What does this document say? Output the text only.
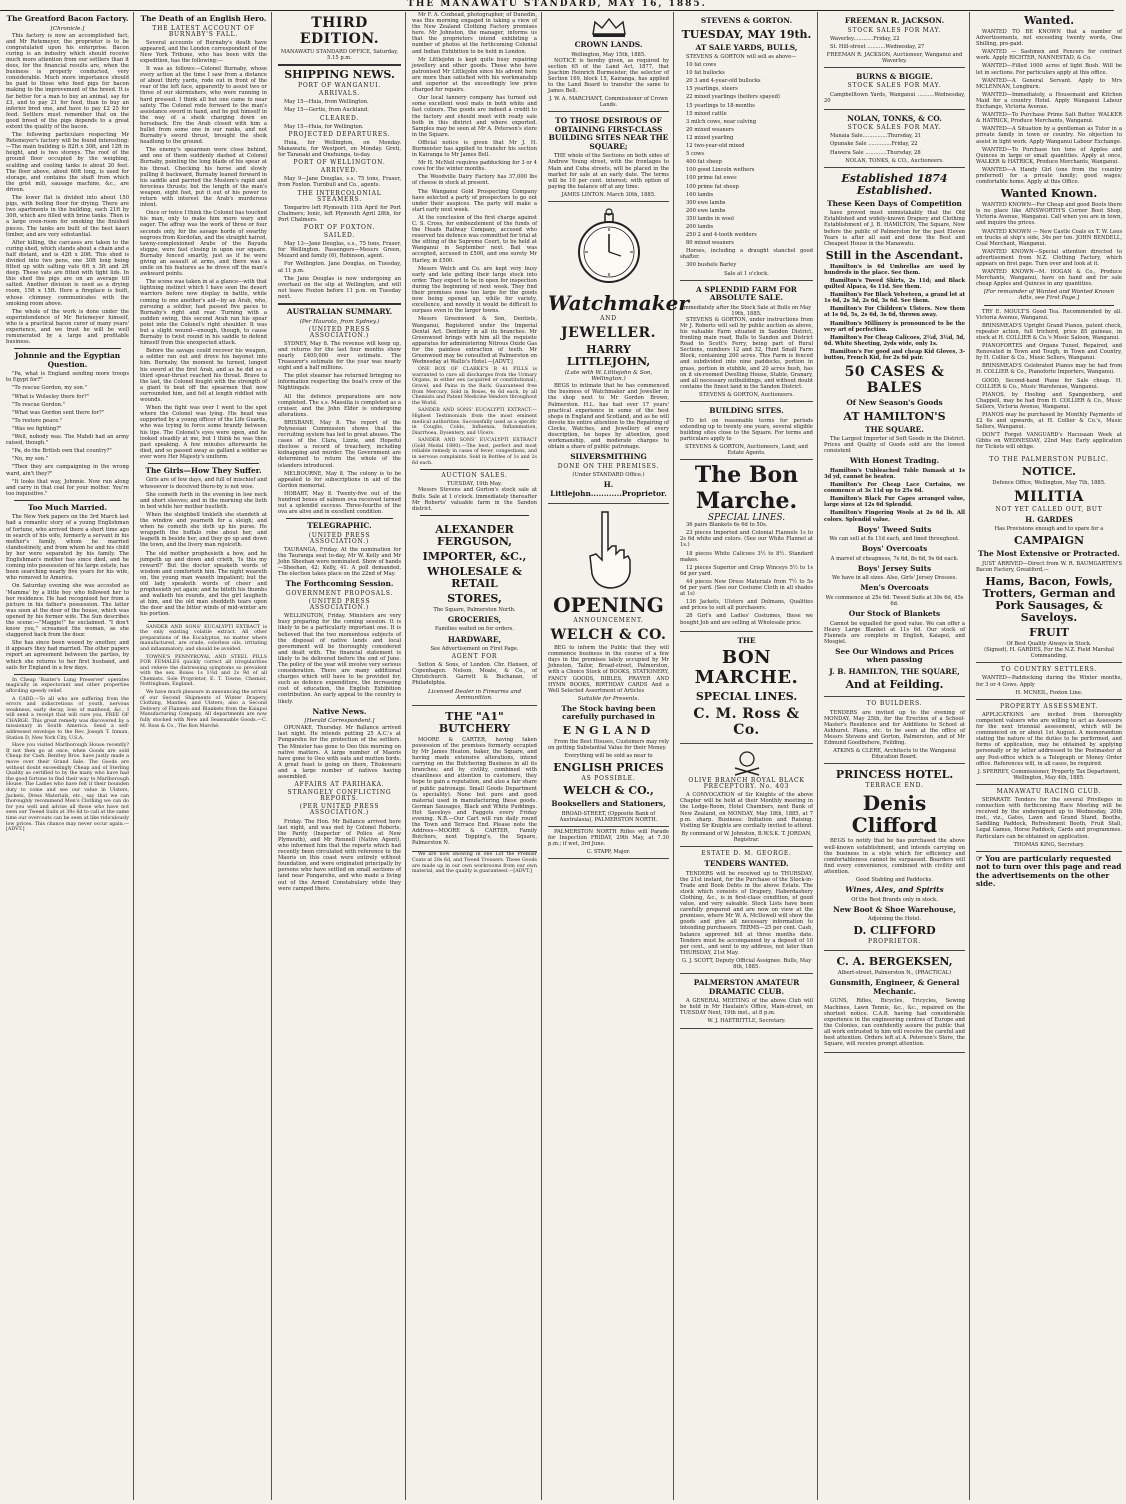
THE MANAWATU STANDARD, MAY 16, 1885.
The Greatford Bacon Factory.
[Chronicle.]

This factory is now an accomplished fact, and Mr Retemeyer, the proprietor is to be congratulated upon his enterprise. Bacon curing is an industry which should receive much more attention from our settlers than it does, for the financial results are, when the business is properly conducted, very considerable. Much more importance should be paid to those who feed pigs for bacon making to the improvement of the breed. It is far better for a man to buy an animal, say for £3, and to pay 21 for feed, than to buy an inferior bred one, and have to pay £2 25 for feed. Settlers must remember that on the good breed of the pigs depends to a great extent the quality of the bacon.

The following particulars respecting Mr Retemeyer's factory will be found interesting:—The main building is 82ft x 30ft, and 12ft in height, and is two storeys. The roof of the ground floor occupied by the weighing, scalding and cooling tanks is about 20 feet. The floor above, about 60ft long, is used for storage, and contains the shaft from which the grist mill, sausage machine, &c., are driven.

The lower flat is divided into about 150 pigs, with boiling floor for drying. There are two apartments in the building, each 21ft by 30ft, which are filled with brine tanks. Then is a large oven-room for smoking the finished pieces. The tanks are built of the best kauri timber, and are very substantial.

After killing, the carcases are taken to the curing shed, which stands about a chain and a half distant, and is 42ft x 20ft. This shed is divided into two pens, one 30ft long being fitted up with salting vats 6ft x 3ft and 2ft deep. These vats are fitted with tight lids. In this shed the pigs are on an average till salted. Another division is used as a drying room, 15ft x 15ft. Here a fireplace is built, whose chimney communicates with the smoking room above.

The whole of the work is done under the superintendence of Mr Retemeyer himself, who is a practical bacon curer of many years' experience, and we trust he will be well remunerated by a large and profitable business.

Johnnie and the Egyptian Question.

"Pa, what is England sending more troops to Egypt for?"

"To rescue Gordon, my son."

"What is Wolseley there for?"

"To rescue Gordon."

"What was Gordon sent there for?"

"To restore peace."

"Was we fighting?"

"Well, nobody was. The Mahdi had an army raised, though."

"Pa, do the British own that country?"

"No, my son."

"Then they are campaigning in the wrong ward, ain't they?"

"It looks that way, Johnnie. Now run along and carry in that coal for your mother. You're too inquisitive."

Too Much Married.

The New York papers on the 3rd March last had a romantic story of a young Englishman of fortune, who arrived there a short time ago in search of his wife, formerly a servant in his mother's family, whom he married clandestinely, and from whom he and his child by her were separated by his family. The Englishman's mother has since died, and he coming into possession of his large estate, has been searching nearly five years for his wife, who removed to America.

On Saturday evening she was accosted as 'Mamma' by a little boy who followed her to her residence. He had recognised her from a picture in his father's possession. The latter was soon at the door of the house, which was opened by his former wife. The Sun describes the scene:—"Maggie!" he exclaimed. "I don't know you," screamed the woman, as she staggered back from the door.

She has since been wooed by another, and it appears they had married. The other papers report an agreement between the parties, by which she returns to her first husband, and sails for England in a few days.

In Cheap 'Baxter's Lung Preserver' operates magically in expectorant and other properties affording speedy relief.

A CARD.—To all who are suffering from the errors and indiscretions of youth, nervous weakness, early decay, loss of manhood, &c., I will send a receipt that will cure you, FREE OF CHARGE. This great remedy was discovered by a missionary in South America. Send a self-addressed envelope to the Rev. Joseph T. Inman, Station D, New York City, U.S.A.

Have you visited Marlborough House recently? If not then go at once, when Goods are sold Cheap for Cash. Bentley Bros. have justly made a move over their Grand Sale. The Goods are without doubt exceedingly Cheap and of Sterling Quality as certified to by the many who have had the good fortune to find their way to Marlborough House. The Ladies who have felt it their bounden duty to come and see our value in Ulsters, Jackets, Dress Materials, etc., say that we can thoroughly recommend Men's Clothing we can do for you well and advise all those who have not seen our Tweed Suits at 39s 6d to call at the same time our overcoats can be seen at like ridiculously low prices. This chance may never occur again.—[ADVT.]

The Death of an English Hero.
THE LATEST ACCOUNT OF BURNABY'S FALL.

Several accounts of Burnaby's death have appeared, and the London correspondent of the New York Tribune, who has been with the expedition, has the following:—

It was as follows:—Colonel Burnaby, whose every action at the time I saw from a distance of about thirty yards, rode out in front of the rear of the left face, apparently to assist two or three of our skirmishers, who were running in hard pressed. I think all but one came to near safety. The Colonel rode forward to the man's assistance sword in hand, and he put himself in the way of a sheik charging down on horseback. Ere the Arab closed with him a bullet from some one in our ranks, and not Burnaby's sword thrust, brought the sheik headlong to the ground.

The enemy's spearmen were close behind, and one of them suddenly dashed at Colonel Burnaby, pointing the long blade of his spear at his throat. Checking his horse and slowly pulling it backward, Burnaby leaned forward in his saddle and parried the Moslem's rapid and ferocious thrusts; but the length of the man's weapon, eight feet, put it out of his power to return with interest the Arab's murderous intent.

Once or twice I think the Colonel has touched his man, only to make him more wary and eager. The affray was the work of three or four seconds only, for the savage horde of swarthy negroes from Kordofan, and the straight haired, tawny-complexioned Arabs of the Bayuda steppe, were fast closing in upon our square. Burnaby fenced smartly, just as if he were giving an assault at arms, and there was a smile on his features as he drove off the man's awkward points.

The scene was taken in at a glance—with that lightning instinct which I have seen the desert warriors before now display in battle, while coming to one another's aid—by an Arab, who, pursuing a soldier, had passed five paces to Burnaby's right and rear. Turning with a sudden swing, this second Arab ran his spear point into the Colonel's right shoulder. It was but a slight wound—enough, though, to cause Burnaby to twist round in his saddle to defend himself from this unexpected attack.

Before the savage could recover his weapon, a soldier ran out and drove his bayonet into him. Burnaby, the moment he turned, lunged his sword at the first Arab, and as he did so a third spear-thrust reached his throat. Brave to the last, the Colonel fought with the strength of a giant to beat off the spearmen that now surrounded him, and fell at length riddled with wounds.

When the fight was over I went to the spot where the Colonel was lying. His head was supported by a young officer of the Life Guards, who was trying to force some brandy between his lips. The Colonel's eyes were open, and he looked steadily at me, but I think he was then past speaking. A few minutes afterwards he died, and so passed away as gallant a soldier as ever wore Her Majesty's uniform.

The Girls—How They Suffer.

Girls are of few days, and full of mischief and whosoever is deceived there-by is not wise.

She cometh forth in the evening in low neck and short sleeves; and in the morning she lieth in bed while her mother bustleth.

When the sleighbell tinkleth she standeth at the window and yearneth for a sleigh; and when he cometh she doth up his purse. He wrappeth the buffalo robe about her, and leapeth in beside her, and they go up and down the town, and the livery man rejoiceth.

The old mother prophesieth a bow, and he jumpeth up and down and crieth, 'Is this my reward?' But the doctor speaketh words of wisdom and comforteth him. The night weareth on, the young man waxeth impatient; but the old lady speaketh words of cheer and prophesieth yet again; and he biteth his thumbs and walketh his rounds, and the girl laugheth at him, and the old man sheddeth tears upon the door and the bitter winds of mid-winter are his portion.

SANDER AND SONS' EUCALYPTI EXTRACT is the only existing volatile extract. All other preparations of the Eucalyptus, no matter where manufactured, are crude, colorless oils, irritating and inflammatory, and should be avoided.

TOWNE'S PENNYROYAL AND STEEL PILLS FOR FEMALES quickly correct all irregularities and relieve the distressing symptoms so prevalent with the sex. Boxes 1s 1½d and 2s 9d of all Chemists. Sole Proprietor, E. T. Towne, Chemist, Nottingham, England.

We have much pleasure in announcing the arrival of our Second Shipments of Winter Drapery, Clothing, Mantles, and Ulsters; also a Second Delivery of Flannels and Blankets from the Kaiapoi Manufacturing Company. All departments are now fully stocked with New and Seasonable Goods.—C. M. Ross & Co., The Bon Marché.

THIRD EDITION.
MANAWATU STANDARD OFFICE, Saturday, 5.15 p.m.
SHIPPING NEWS.
PORT OF WANGANUI.
ARRIVALS.

May 15—Huia, from Wellington.

May 15—Gertie, from Auckland.

CLEARED.

May 15—Huia, for Wellington.

PROJECTED DEPARTURES.

Huia, for Wellington, on Monday. Manawatu, for Westport, on Monday. Greti, for Taranaki and Onehunga, to-day.

PORT OF WELLINGTON.
ARRIVED.

May 9—Jane Douglas, s.s. 75 tons, Fraser, from Foxton. Turnbull and Co., agents.

THE INTERCOLONIAL STEAMERS.

Tongariro left Plymouth 11th April for Port Chalmers; Ionic, left Plymouth April 28th, for Port Chalmers.

PORT OF FOXTON.
SAILED.

May 13—Jane Douglas, s.s., 75 tons, Fraser, for Wellington. Passengers—Messrs Green, Mozard and family (6), Robinson, agent.

For Wellington. Jane Douglas, on Tuesday, at 11 p.m.

The Jane Douglas is now undergoing an overhaul on the slip at Wellington, and will not leave Foxton before 11 p.m. on Tuesday next.

AUSTRALIAN SUMMARY.
(Per Hauroto, from Sydney.)
(UNITED PRESS ASSOCIATION.)

SYDNEY, May 8. The revenue will keep up, and returns for the last four months show nearly £400,000 over estimate. The Treasurer's estimate for the year was nearly eight and a half millions.

The pilot steamer has returned bringing no information respecting the boat's crew of the Nightingale.

All the defence preparations are now completed. The s.s. Massilia is completed as a cruiser, and the John Elder is undergoing alterations.

BRISBANE, May 8. The report of the Polynesian Commission shows that the recruiting system has led to great abuses. The cases of the Clara, Lizzie, and Hopeful disclose a record of treachery, including kidnapping and murder. The Government are determined to return the whole of the islanders introduced.

MELBOURNE, May 8. The colony is to be appealed to for subscriptions in aid of the Gordon memorial.

HOBART, May 8. Twenty-five out of the hundred boxes of salmon ova received turned out a splendid success. Three-fourths of the ova are alive and in excellent condition.

TELEGRAPHIC.
(UNITED PRESS ASSOCIATION.)

TAURANGA, Friday. At the nomination for the Tauranga seat to-day, Mr W. Kelly and Mr John Sheehan were nominated. Show of hands—Sheehan, 42; Kelly, 41. A poll demanded. The election takes place on the 22nd of May.

The Forthcoming Session.
GOVERNMENT PROPOSALS.
(UNITED PRESS ASSOCIATION.)

WELLINGTON, Friday. Ministers are very busy preparing for the coming session. It is likely to be a particularly important one. It is believed that the two momentous subjects of the disposal of native lands and local government will be thoroughly considered and dealt with. The financial statement is likely to be delivered before the end of June. The policy of the year will involve very serious consideration. There are many additional charges which will have to be provided for, such as defence expenditure, the increasing cost of education, the English Exhibition contribution. An early appeal to the country is likely.

Native News.
[Herald Correspondent.]

OPUNAKE, Thursday. Mr Ballance arrived last night. He intends putting 25 A.C.'s at Pungarehu for the protection of the settlers. The Minister has gone to Oeo this morning on native matters. A large number of Maoris have gone to Oeo with oats and mutton birds. A great feast is going on there, Titokowaru and a large number of natives having assembled.

AFFAIRS AT PARIHAKA.
STRANGELY CONFLICTING REPORTS.
(PER UNITED PRESS ASSOCIATION.)

Friday. The Hon. Mr Ballance arrived here last night, and was met by Colonel Roberts, the Parity (Inspector of Police at New Plymouth), and Mr Rennell (Native Agent), who informed him that the reports which had recently been circulated with reference to the Maoris on this coast were entirely without foundation, and were originated principally by persons who have settled on small sections of land near Pungarehu, and who made a living out of the Armed Constabulary while they were camped there.

Mr F. A. Coxhead, photographer, of Dunedin, was this morning engaged in taking a view of the New Zealand Clothing Factory premises here. Mr Johnston, the manager, informs us that the proprietors intend exhibiting a number of photos at the forthcoming Colonial and Indian Exhibition to be held in London.

Mr Littlejohn is kept quite busy repairing jewellery and other goods. Those who have patronised Mr Littlejohn since his advent here are more than satisfied with his workmanship and superior at the exceedingly low price charged for repairs.

Our local tannery company has turned out some excellent wool mats in both white and fast colours. The goods are indeed a credit to the factory and should meet with ready sale both in this district and where exported. Samples may be seen at Mr A. Peterson's store in the Square.

Official notice is given that Mr J. H. Burmeister has applied to transfer his section in Kairanga to Mr James Bell.

Mr H. McNeil requires paddocking for 3 or 4 cows for the winter months.

The Woodville Dairy Factory has 37,000 lbs of cheese in stock at present.

The Wanganui Gold Prospecting Company have selected a party of prospectors to go out under their auspices. The party will make a start early next week.

At the conclusion of the first charge against C. S. Cross, for embezzlement of the funds of the Heads Railway Company, accused who reserved his defence was committed for trial at the sitting of the Supreme Court, to be held at Wanganui in September next. Bail was accepted, accused in £500, and one surety Mr Harley, in £500.

Messrs Welch and Co. are kept very busy early and late getting their large stock into order. They expect to be in open for inspection during the beginning of next week. They find their premises none too large for the goods now being opened up, while for variety, excellence, and novelty it would be difficult to surpass even in the larger towns.

Messrs Greenwood & Son, Dentists, Wanganui, Registered under the Imperial Dental Act. Dentistry in all its branches. Mr Greenwood brings with him all the requisite apparatus for administering Nitrous Oxide Gas for the painless extraction of teeth. Mr Greenwood may be consulted at Palmerston on Wednesday at Wallis's Hotel.—[ADVT.]

ONE BOX OF CLARKE'S B 41 PILLS is warranted to cure all discharges from the Urinary Organs, in either sex (acquired or constitutional), Gravel, and Pains in the Back. Guaranteed free from Mercury. Sold in Boxes, 4s 6d each, by all Chemists and Patent Medicine Vendors throughout the World.

SANDER AND SONS' EUCALYPTI EXTRACT.—Highest Testimonials from the most eminent medical authorities. Successfully used as a specific in Coughs, Colds, Influenza, Inflammation, Diarrhoea, Dysentery, and Ulcers.

SANDER AND SONS' EUCALYPTI EXTRACT (Gold Medal 1880).—The best, perfect and most reliable remedy in cases of fever, congestions, and in nervous complaints. Sold in Bottles of 1s and 2s 6d each.

AUCTION SALES.
TUESDAY, 19th May.

Messrs Stevens and Gorton's stock sale at Bulls. Sale at 1 o'clock. Immediately thereafter Mr Roberts' valuable farm in the Sandon district.

ALEXANDER FERGUSON,
IMPORTER, &C.,
WHOLESALE & RETAIL
STORES,
The Square, Palmerston North.
GROCERIES,
Families waited on for orders.
HARDWARE,
See Advertisement on First Page.
AGENT FOR

Sutton & Sons, of London. Chr. Hansen, of Copenhagen. Nelson, Moate, & Co., of Christchurch. Garrett & Buchanan, of Philadelphia.

Licensed Dealer in Firearms and Ammunition.
THE "A1" BUTCHERY

MOORE & CARTER, having taken possession of the premises formerly occupied by Mr James Heaton, baker, the Square, and having made extensive alterations, intend carrying on the Butchering Business in all its branches; and by civility, combined with cleanliness and attention to customers, they hope to gain a reputation, and also a fair share of public patronage. Small Goods Department (a speciality). None but pure and good material used in manufacturing these goods. German Sausages, Black and White Puddings. Hot Saveloys and Faggots every Friday evening. N.B.—Our Cart will run daily round the Town and Terrace End. Please note the Address—MOORE & CARTER, Family Butchers, next Topping's, the Square, Palmerston N.

We are now showing in one Lot the Premier Coats at 28s 6d, and Tweed Trousers. These Goods are made up in our own workrooms from our own material, and the quality is guaranteed.—[ADVT.]

CROWN LANDS.
Wellington, May 15th, 1885.

NOTICE is hereby given, as required by section 65 of the Land Act, 1877, that Joachim Heinrich Burmeister, the selector of Section 169, block 15, Kairanga, has applied to the Land Board to transfer the same to James Bell.

J. W. A. MARCHANT, Commissioner of Crown Lands.
TO THOSE DESIROUS OF OBTAINING FIRST-CLASS BUILDING SITES NEAR THE SQUARE;

THE whole of the Sections on both sides of Andrew Young street, with the frontages to Main and Cuba streets, will be placed in the market for sale at an early date. The terms will be 10 per cent. interest; with option of paying the balance off at any time.

JAMES LINTON. March 30th, 1885.
Watchmaker
AND
JEWELLER.
HARRY LITTLEJOHN,
(Late with W. Littlejohn & Son, Wellington.)

BEGS to intimate that he has commenced the business of Watchmaker and Jeweller in the shop next to Mr Gordon Brown, Palmerston. H.L. has had over 17 years' practical experience in some of the best shops in England and Scotland, and as he will devote his entire attention to the Repairing of Clocks, Watches, and Jewellery of every description, he hopes by attention, good workmanship, and moderate charges to obtain a share of public patronage.

SILVERSMITHING
DONE ON THE PREMISES.
(Under STANDARD Office.)
H. Littlejohn............Proprietor.
OPENING
ANNOUNCEMENT.
WELCH & CO.

BEG to inform the Public that they will commence business in the course of a few days in the premises lately occupied by Mr Johnston, Tailor, Broad-street, Palmerston, with a Choice Stock of BOOKS, STATIONERY, FANCY GOODS, BIBLES, PRAYER AND HYMN BOOKS, BIRTHDAY CARDS And a Well Selected Assortment of Articles

Suitable for Presents.
The Stock having been carefully purchased in
ENGLAND

From the Best Houses, Customers may rely on getting Substantial Value for their Money.

Everything will be sold as near to
ENGLISH PRICES
AS POSSIBLE.
WELCH & CO.,
Booksellers and Stationers,
BROAD-STREET, (Opposite Bank of Australasia), PALMERSTON NORTH.

PALMERSTON NORTH Rifles will Parade for Inspection FRIDAY, 29th May, at 7.30 p.m.; if wet, 3rd June.

C. STAPP, Major.
STEVENS & GORTON.
TUESDAY, MAY 19th.
AT SALE YARDS, BULLS,

STEVENS & GORTON will sell as above—

10 fat cows

10 fat bullocks

20 3 and 4-year-old bullocks

15 yearlings, steers

22 mixed yearlings (heifers spayed)

15 yearlings to 18-months

15 mixed cattle

3 milch cows, near calving

20 mixed weaners

12 mixed yearling

12 two-year-old mixed

5 cows

400 fat sheep

100 good Lincoln wethers

100 prime fat ewes

100 prime fat sheep

160 lambs

300 ewe lambs

200 ewe lambs

350 lambs in wool

200 lambs

250 2 and 4-tooth wedders

80 mixed weaners

Horses, including a draught stanchel good shafter.

300 bushels Barley

Sale at 1 o'clock.
A SPLENDID FARM FOR ABSOLUTE SALE.
Immediately after the Stock Sale at Bulls on May 19th, 1885.

STEVENS & GORTON, under instructions from Mr J. Roberts will sell by public auction as above, his valuable Farm situated in Sandon District, fronting main road, Bulls to Sandon and District Road to Scott's Ferry, being part of Rural Sections, numbers 12 and 32, Hunt Small Farm Block, containing 200 acres. This Farm is fenced and subdivided into nine paddocks, portion in grass, portion in stubble, and 20 acres bush, has on it six-roomed Dwelling House, Stable, Granary, and all necessary outbuildings, and without doubt contains the finest land in the Sandon District.

STEVENS & GORTON, Auctioneers.
BUILDING SITES.

TO let on reasonable terms for periods extending up to twenty one years, several eligible building sites close to the Square. For terms and particulars apply to

STEVENS & GORTON, Auctioneers, Land, and Estate Agents.
The Bon Marche.
SPECIAL LINES.

36 pairs Blankets 6s 6d to 50s.

23 pieces Imported and Colonial Flannels 1s to 2s 6d white and colors. (See our White Flannel at 1s.)

18 pieces White Calicoes 3½ to 8½. Standard makes.

12 pieces Superior and Crisp Winceys 5½ to 1s 6d per yard.

44 pieces New Dress Materials from 7½ to 5s 6d per yard. (See our Costume Cloth in all shades at 1s)

136 Jackets, Ulsters and Dolmans, Qualities and prices to suit all purchasers.

28 Girl's and Ladies' Costumes, these we bought Job and are selling at Wholesale price.

THE
BON MARCHE.
SPECIAL LINES.
C. M. Ross & Co.
OLIVE BRANCH ROYAL BLACK PRECEPTORY. No. 403

A CONVOCATION of Sir Knights of the above Chapter will be held at their Monthly meeting in the Lodge-Room, Hotel Chambers, next Bank of New Zealand, on MONDAY, May 18th, 1885, at 7 p.m. sharp. Business: Initiation and Raising. Visiting Sir Knights are cordially invited to attend.

By command of W. Johnston, B.W.S.K. T. JORDAN, Registrar.
ESTATE D. M. GEORGE.
TENDERS WANTED.

TENDERS will be received up to THURSDAY, the 21st instant, for the Purchase of the Stock-in-Trade and Book Debts in the above Estate. The stock which consists of Drapery, Haberdashery Clothing, &c., is in first-class condition, of good value, and very saleable. Stock Lists have been carefully prepared and are now on view at the premises, where Mr W. A. McDowell will show the goods and give all necessary information to intending purchasers. TERMS—25 per cent. Cash, balance approved bill at three months date. Tenders must be accompanied by a deposit of 10 per cent., and sent to my address, not later than THURSDAY, 21st May.

G. J. SCOTT, Deputy Official Assignee. Bulls, May 8th, 1885.
PALMERSTON AMATEUR DRAMATIC CLUB.

A GENERAL MEETING of the above Club will be held in Mr Hautain's Office, Main-street, on TUESDAY Next, 19th inst., at 8 p.m.

W. J. HAETBITTLE, Secretary.
FREEMAN R. JACKSON.
STOCK SALES FOR MAY.

Waverley............Friday, 22

St. Hill-street ...........Wednesday, 27

FREEMAN R. JACKSON, Auctioneer, Wanganui and Waverley.
BURNS & BIGGIE.
STOCK SALES FOR MAY.

Campbelltown Yards, Wanganui ..........Wednesday, 20

NOLAN, TONKS, & CO.
STOCK SALES FOR MAY.

Manaia Sale...............Thursday, 21

Opunake Sale ..............Friday, 22

Hawera Sale .............Thursday, 28

NOLAN, TONKS, & CO., Auctioneers.
Established 1874 Established.
These Keen Days of Competition

have proved most unmistakably that the Old Established and widely-known Drapery and Clothing Establishment of J. B. HAMILTON, The Square, Now before the public of Palmerston for the past Eleven Years is after all said and done the Best and Cheapest House in the Manawatu.

Still in the Ascendant.

Hamilton's is 6d Umbrellas are used by hundreds in the place. See them.

Hamilton's Tweed Shirts, 2s 11d; and Black quilted Alpaca, 4s 11d. See them.

Hamilton's For Black Velveteen, a grand lot at 1s 6d, 2s 3d, 2s 6d, 3s 6d. See them.

Hamilton's For Children's Ulsters. New them at 1s 6d, 5s, 2s 6d, 3s 6d, thrown away.

Hamilton's Millinery is pronounced to be the very art of perfection.

Hamilton's For Cheap Calicoes, 2½d, 3½d, 5d, 6d. White Sheeting, 2yds wide, only 1s.

Hamilton's For good and cheap Kid Gloves, 3-button, French Kid, for 2s 6d pair.

50 CASES & BALES
Of New Season's Goods
AT HAMILTON'S
THE SQUARE.

The Largest Importer of Soft Goods in the District. Prices and Quality of Goods sold are the lowest consistent

With Honest Trading.

Hamilton's Unbleached Table Damask at 1s 3d yd, cannot be beaten.

Hamilton's For Cheap Lace Curtains, we commence at 3s 11d up to 25s 6d.

Hamilton's Black Fur Capes arranged value, large sizes at 12s 6d Splendid.

Hamilton's Fingering Wools at 2s 6d lb. All colors. Splendid value.

Boys' Tweed Suits
We can sell at 8s 11d each, and lined throughout.
Boys' Overcoats
A marvel of cheapness, 7s 6d, 8s 6d, 9s 6d each.
Boys' Jersey Suits
We have in all sizes. Also, Girls' Jersey Dresses.
Men's Overcoats
We commence at 25s 6d. Tweed Suits at 39s 6d, 45s 6d.
Our Stock of Blankets

Cannot be equalled for good value. We can offer a Heavy Large Blanket at 11s 6d. Our stock of Flannels are complete in English, Kaiapoi, and Mosgiel.

See Our Windows and Prices when passing
J. B. HAMILTON, THE SQUARE,
And at Feilding.
TO BUILDERS.

TENDERS are invited up to the evening of MONDAY, May 25th, for the Erection of a School-Master's Residence and for Additions to School at Ashhurst. Plans, etc. to be seen at the office of Messrs Stevens and Gorton, Palmerston, and of Mr Edmund Goodbehere, Feilding.

ATKINS & CLERE, Architects to the Wanganui Education Board.
PRINCESS HOTEL.
TERRACE END.
Denis Clifford

BEGS to notify that he has purchased the above well-known establishment, and intends carrying on the business in a style which for efficiency and comfortableness cannot be surpassed. Boarders will find every convenience, combined with civility and attention.

Good Stabling and Paddocks.
Wines, Ales, and Spirits
Of the Best Brands only in stock.
New Boot & Shoe Warehouse,
Adjoining the Hotel.
D. CLIFFORD
PROPRIETOR.
C. A. BERGEKSEN,
Albert-street, Palmerston N., (PRACTICAL)
Gunsmith, Engineer, & General Mechanic.

GUNS, Rifles, Bicycles, Tricycles, Sewing Machines, Lawn Tennis, &c., &c., repaired on the shortest notice. C.A.B. having had considerable experience in the engineering centres of Europe and the Colonies, can confidently assure the public that all work entrusted to him will receive the careful and best attention. Orders left at A. Peterson's Store, the Square, will receive prompt attention.

Wanted.

WANTED TO BE KNOWN that a number of Advertisements, not exceeding twenty words, One Shilling, pre-paid.

WANTED — Sashmen and Fencers for contract work. Apply RICHTER, NANNESTAD, & Co.

WANTED—Filled 1000 acres of light Bush. Will be let in sections. For particulars apply at this office.

WANTED—A General Servant. Apply to Mrs MCLENNAN, Longburn.

WANTED—Immediately, a Housemaid and Kitchen Maid for a country Hotel. Apply Wanganui Labour Exchange, Victoria Avenue.

WANTED—To Purchase Prime Salt Butter. WALKER & HATRICK, Produce Merchants, Wanganui.

WANTED—A Situation by a gentleman as Tutor in a private family in town or country. No objection to assist in light work. Apply Wanganui Labour Exchange.

WANTED—To Purchase ten tons of Apples and Quinces in large or small quantities. Apply at once, WALKER & HATRICK, Produce Merchants, Wanganui.

WANTED—A Handy Girl (one from the country preferred) for a private family; good wages; comfortable home. Apply at this Office.

Wanted Known.

WANTED KNOWN—For Cheap and good Boots there is no place like AINSWORTH'S Corner Boot Shop, Victoria Avenue, Wanganui. Call when you are in town, and inquire the prices.

WANTED KNOWN — New Castle Coals ex T. W. Lees on trucks at ship's side, 34s per ton. JOHN BENDELL, Coal Merchant, Wanganui.

WANTED KNOWN—Special attention directed to advertisement from N.Z. Clothing Factory, which appears on first page. Turn over and look at it.

WANTED KNOWN—M. HOGAN & Co., Produce Merchants, Wanganui, have on hand and for sale cheap Apples and Quinces in any quantities.

[For remainder of Wanted and Wanted Known Adts, see First Page.]

TRY E. MOULT'S Good Tea. Recommended by all. Victoria Avenue, Wanganui.

BRINSMEAD'S Upright Grand Pianos, patent check, repeater action, full trichord, price 85 guineas, in stock at H. COLLIER & Co.'s Music Saloon, Wanganui.

PIANOFORTES and Organs Tuned, Repaired, and Renovated in Town and Tough, in Town and Country, by H. Collier & Co., Music Sellers, Wanganui.

BRINSMEAD'S Celebrated Pianos may be had from H. COLLIER & Co., Pianoforte Importers, Wanganui.

GOOD, Second-hand Piano for Sale cheap. H. COLLIER & Co., Music Warehouse, Wanganui.

PIANOS, by Hooling and Spangenberg, and Chappell, may be had from H. COLLIER & Co., Music Sellers, Victoria Avenue, Wanganui.

PIANOS may be purchased by Monthly Payments of £2 6s and upwards, at H. Collier & Co.'s, Music Sellers, Wanganui.

DON'T Forget VANGUARD's Hacusaan Week at Gibbs on WEDNESDAY, 22nd May. Early application for Tickets will oblige.

TO THE PALMERSTON PUBLIC.
NOTICE.
Defence Office, Wellington, May 7th, 1885.
MILITIA
NOT YET CALLED OUT, BUT
H. GARDES
Has Provisions enough and to spare for a
CAMPAIGN
The Most Extensive or Protracted.

JUST ARRIVED—Direct from W. R. BAUMGARTEN'S Bacon Factory, Greatford,—

Hams, Bacon, Fowls, Trotters, German and Pork Sausages, & Saveloys.
FRUIT
Of Best Quality Always in Stock.
(Signed), H. GARDES, For the N.Z. Field Marshal Commanding.
TO COUNTRY SETTLERS.

WANTED—Paddocking during the Winter months, for 3 or 4 Cows. Apply

H. MCNEIL, Foxton Line.
PROPERTY ASSESSMENT.

APPLICATIONS are invited from thoroughly competent valuers who are willing to act as Assessors for the next triennial assessment, which will be commenced on or about 1st August. A memorandum stating the nature of the duties to be performed, and forms of application, may be obtained by applying personally or by letter addressed to the Postmaster at any Post-office which is a Telegraph or Money Order office. References will, in all cases, be required.

J. SPERREY, Commissioner, Property Tax Department, Wellington, May 4th, 1885.
MANAWATU RACING CLUB.

SEPARATE Tenders for the several Privileges in connection with forthcoming Race Meeting will be received by the undersigned up to Wednesday, 20th inst., viz., Gates, Lawn and Grand Stand, Booths, Saddling Paddock, Refreshment Booth, Fruit Stall, Legal Games, Horse Paddock, Cards and programmes. Particulars can be obtained on application.

THOMAS KING, Secretary.
☞ You are particularly requested not to turn over this page and read the advertisements on the other side.
